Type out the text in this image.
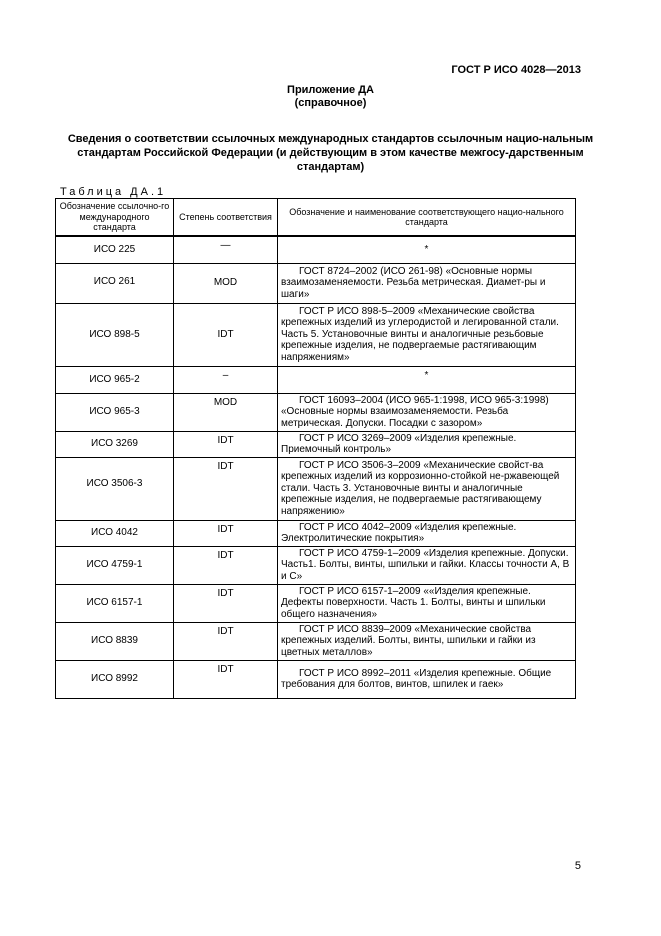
ГОСТ Р ИСО 4028—2013
Приложение ДА
(справочное)
Сведения о соответствии ссылочных международных стандартов ссылочным нацио-нальным стандартам Российской Федерации (и действующим в этом качестве межгосу-дарственным стандартам)
Таблица ДА.1
Обозначение ссылочно-го международного стандарта	Степень соответствия	Обозначение и наименование соответствующего нацио-нального стандарта
ИСО 225	—	*
ИСО 261	MOD	ГОСТ 8724–2002 (ИСО 261-98) «Основные нормы взаимозаменяемости. Резьба метрическая. Диамет-ры и шаги»
ИСО 898-5	IDT	ГОСТ Р ИСО 898-5–2009 «Механические свойства крепежных изделий из углеродистой и легированной стали. Часть 5. Установочные винты и аналогичные резьбовые крепежные изделия, не подвергаемые растягивающим напряжениям»
ИСО 965-2	–	*
ИСО 965-3	MOD	ГОСТ 16093–2004 (ИСО 965-1:1998, ИСО 965-3:1998) «Основные нормы взаимозаменяемости. Резьба метрическая. Допуски. Посадки с зазором»
ИСО 3269	IDT	ГОСТ Р ИСО 3269–2009 «Изделия крепежные. Приемочный контроль»
ИСО 3506-3	IDT	ГОСТ Р ИСО 3506-3–2009 «Механические свойст-ва крепежных изделий из коррозионно-стойкой не-ржавеющей стали. Часть 3. Установочные винты и аналогичные крепежные изделия, не подвергаемые растягивающему напряжению»
ИСО 4042	IDT	ГОСТ Р ИСО 4042–2009 «Изделия крепежные. Электролитические покрытия»
ИСО 4759-1	IDT	ГОСТ Р ИСО 4759-1–2009 «Изделия крепежные. Допуски. Часть1. Болты, винты, шпильки и гайки. Классы точности А, В и С»
ИСО 6157-1	IDT	ГОСТ Р ИСО 6157-1–2009 ««Изделия крепежные. Дефекты поверхности. Часть 1. Болты, винты и шпильки общего назначения»
ИСО 8839	IDT	ГОСТ Р ИСО 8839–2009 «Механические свойства крепежных изделий. Болты, винты, шпильки и гайки из цветных металлов»
ИСО 8992	IDT	ГОСТ Р ИСО 8992–2011 «Изделия крепежные. Общие требования для болтов, винтов, шпилек и гаек»
5
